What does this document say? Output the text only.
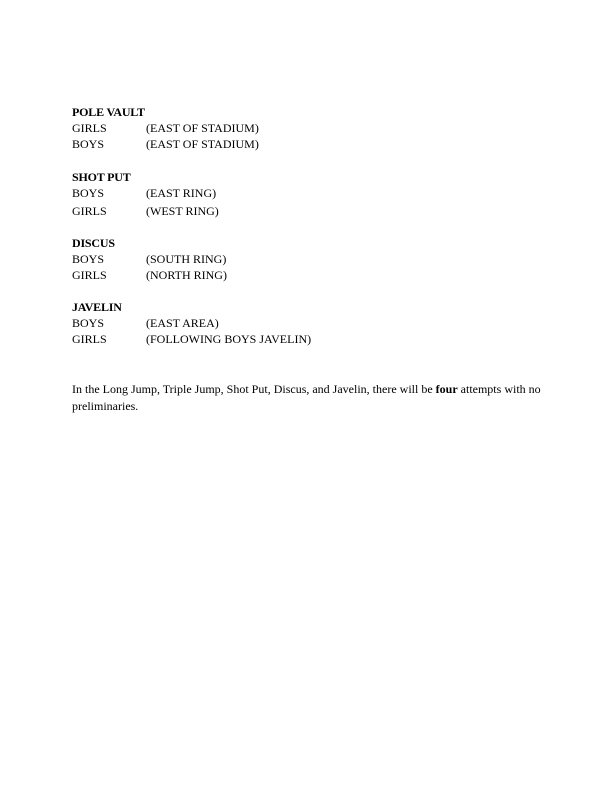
POLE VAULT
GIRLS	(EAST OF STADIUM)
BOYS	(EAST OF STADIUM)
SHOT PUT
BOYS	(EAST RING)
GIRLS	(WEST RING)
DISCUS
BOYS	(SOUTH RING)
GIRLS	(NORTH RING)
JAVELIN
BOYS	(EAST AREA)
GIRLS	(FOLLOWING BOYS JAVELIN)

In the Long Jump, Triple Jump, Shot Put, Discus, and Javelin, there will be four attempts with no preliminaries.
